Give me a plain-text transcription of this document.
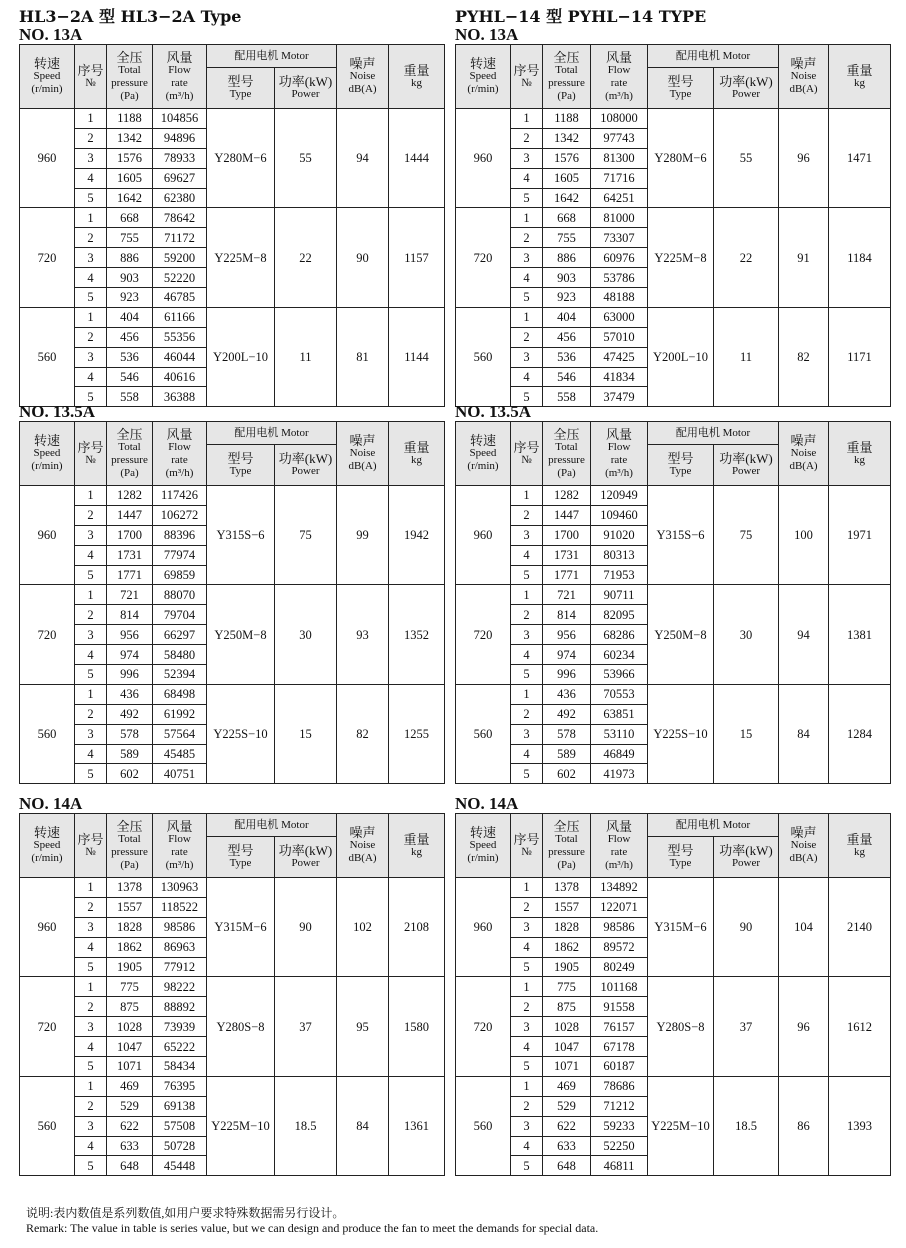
HL3−2A 型 HL3−2A Type
NO. 13A
转速
Speed
(r/min)	序号
№	全压
Total
pressure
(Pa)	风量
Flow
rate
(m³/h)	配用电机 Motor		噪声
Noise
dB(A)	重量
kg

				型号
Type	功率(kW)
Power		

960	1	1188	104856	Y280M−6	55	94	1444
	2	1342	94896				
	3	1576	78933				
	4	1605	69627				
	5	1642	62380				
720	1	668	78642	Y225M−8	22	90	1157
	2	755	71172				
	3	886	59200				
	4	903	52220				
	5	923	46785				
560	1	404	61166	Y200L−10	11	81	1144
	2	456	55356				
	3	536	46044				
	4	546	40616				
	5	558	36388				
NO. 13.5A
转速
Speed
(r/min)	序号
№	全压
Total
pressure
(Pa)	风量
Flow
rate
(m³/h)	配用电机 Motor		噪声
Noise
dB(A)	重量
kg

				型号
Type	功率(kW)
Power		

960	1	1282	117426	Y315S−6	75	99	1942
	2	1447	106272				
	3	1700	88396				
	4	1731	77974				
	5	1771	69859				
720	1	721	88070	Y250M−8	30	93	1352
	2	814	79704				
	3	956	66297				
	4	974	58480				
	5	996	52394				
560	1	436	68498	Y225S−10	15	82	1255
	2	492	61992				
	3	578	57564				
	4	589	45485				
	5	602	40751				
NO. 14A
转速
Speed
(r/min)	序号
№	全压
Total
pressure
(Pa)	风量
Flow
rate
(m³/h)	配用电机 Motor		噪声
Noise
dB(A)	重量
kg

				型号
Type	功率(kW)
Power		

960	1	1378	130963	Y315M−6	90	102	2108
	2	1557	118522				
	3	1828	98586				
	4	1862	86963				
	5	1905	77912				
720	1	775	98222	Y280S−8	37	95	1580
	2	875	88892				
	3	1028	73939				
	4	1047	65222				
	5	1071	58434				
560	1	469	76395	Y225M−10	18.5	84	1361
	2	529	69138				
	3	622	57508				
	4	633	50728				
	5	648	45448				
PYHL−14 型 PYHL−14 TYPE
NO. 13A
转速
Speed
(r/min)	序号
№	全压
Total
pressure
(Pa)	风量
Flow
rate
(m³/h)	配用电机 Motor		噪声
Noise
dB(A)	重量
kg

				型号
Type	功率(kW)
Power		

960	1	1188	108000	Y280M−6	55	96	1471
	2	1342	97743				
	3	1576	81300				
	4	1605	71716				
	5	1642	64251				
720	1	668	81000	Y225M−8	22	91	1184
	2	755	73307				
	3	886	60976				
	4	903	53786				
	5	923	48188				
560	1	404	63000	Y200L−10	11	82	1171
	2	456	57010				
	3	536	47425				
	4	546	41834				
	5	558	37479				
NO. 13.5A
转速
Speed
(r/min)	序号
№	全压
Total
pressure
(Pa)	风量
Flow
rate
(m³/h)	配用电机 Motor		噪声
Noise
dB(A)	重量
kg

				型号
Type	功率(kW)
Power		

960	1	1282	120949	Y315S−6	75	100	1971
	2	1447	109460				
	3	1700	91020				
	4	1731	80313				
	5	1771	71953				
720	1	721	90711	Y250M−8	30	94	1381
	2	814	82095				
	3	956	68286				
	4	974	60234				
	5	996	53966				
560	1	436	70553	Y225S−10	15	84	1284
	2	492	63851				
	3	578	53110				
	4	589	46849				
	5	602	41973				
NO. 14A
转速
Speed
(r/min)	序号
№	全压
Total
pressure
(Pa)	风量
Flow
rate
(m³/h)	配用电机 Motor		噪声
Noise
dB(A)	重量
kg

				型号
Type	功率(kW)
Power		

960	1	1378	134892	Y315M−6	90	104	2140
	2	1557	122071				
	3	1828	98586				
	4	1862	89572				
	5	1905	80249				
720	1	775	101168	Y280S−8	37	96	1612
	2	875	91558				
	3	1028	76157				
	4	1047	67178				
	5	1071	60187				
560	1	469	78686	Y225M−10	18.5	86	1393
	2	529	71212				
	3	622	59233				
	4	633	52250				
	5	648	46811				
说明:表内数值是系列数值,如用户要求特殊数据需另行设计。
Remark: The value in table is series value, but we can design and produce the fan to meet the demands for special data.
